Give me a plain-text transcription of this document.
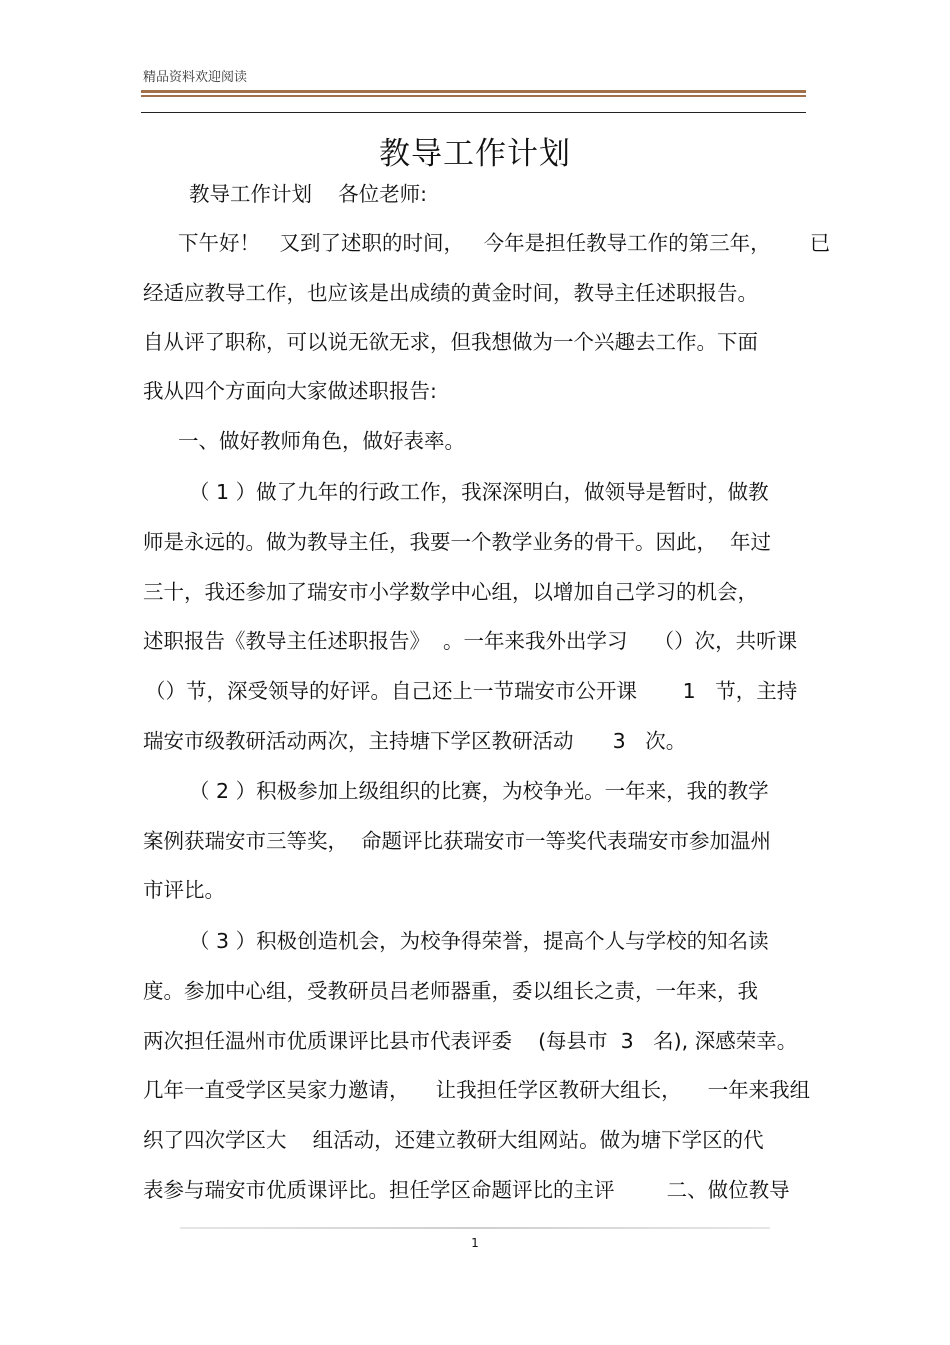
精品资料欢迎阅读
教导工作计划
教导工作计划    各位老师:
下午好！   又到了述职的时间，   今年是担任教导工作的第三年，      已
经适应教导工作，也应该是出成绩的黄金时间，教导主任述职报告。
自从评了职称，可以说无欲无求，但我想做为一个兴趣去工作。下面
我从四个方面向大家做述职报告:
一、做好教师角色，做好表率。
（ 1 ）做了九年的行政工作，我深深明白，做领导是暂时，做教
师是永远的。做为教导主任，我要一个教学业务的骨干。因此，  年过
三十，我还参加了瑞安市小学数学中心组，以增加自己学习的机会，
述职报告《教导主任述职报告》  。一年来我外出学习    （）次，共听课
（）节，深受领导的好评。自己还上一节瑞安市公开课       1   节，主持
瑞安市级教研活动两次，主持塘下学区教研活动      3   次。
（ 2 ）积极参加上级组织的比赛，为校争光。一年来，我的教学
案例获瑞安市三等奖，  命题评比获瑞安市一等奖代表瑞安市参加温州
市评比。
（ 3 ）积极创造机会，为校争得荣誉，提高个人与学校的知名读
度。参加中心组，受教研员吕老师器重，委以组长之责，一年来，我
两次担任温州市优质课评比县市代表评委    (每县市  3   名), 深感荣幸。
几年一直受学区吴家力邀请，    让我担任学区教研大组长，    一年来我组
织了四次学区大    组活动，还建立教研大组网站。做为塘下学区的代
表参与瑞安市优质课评比。担任学区命题评比的主评        二、做位教导
1
